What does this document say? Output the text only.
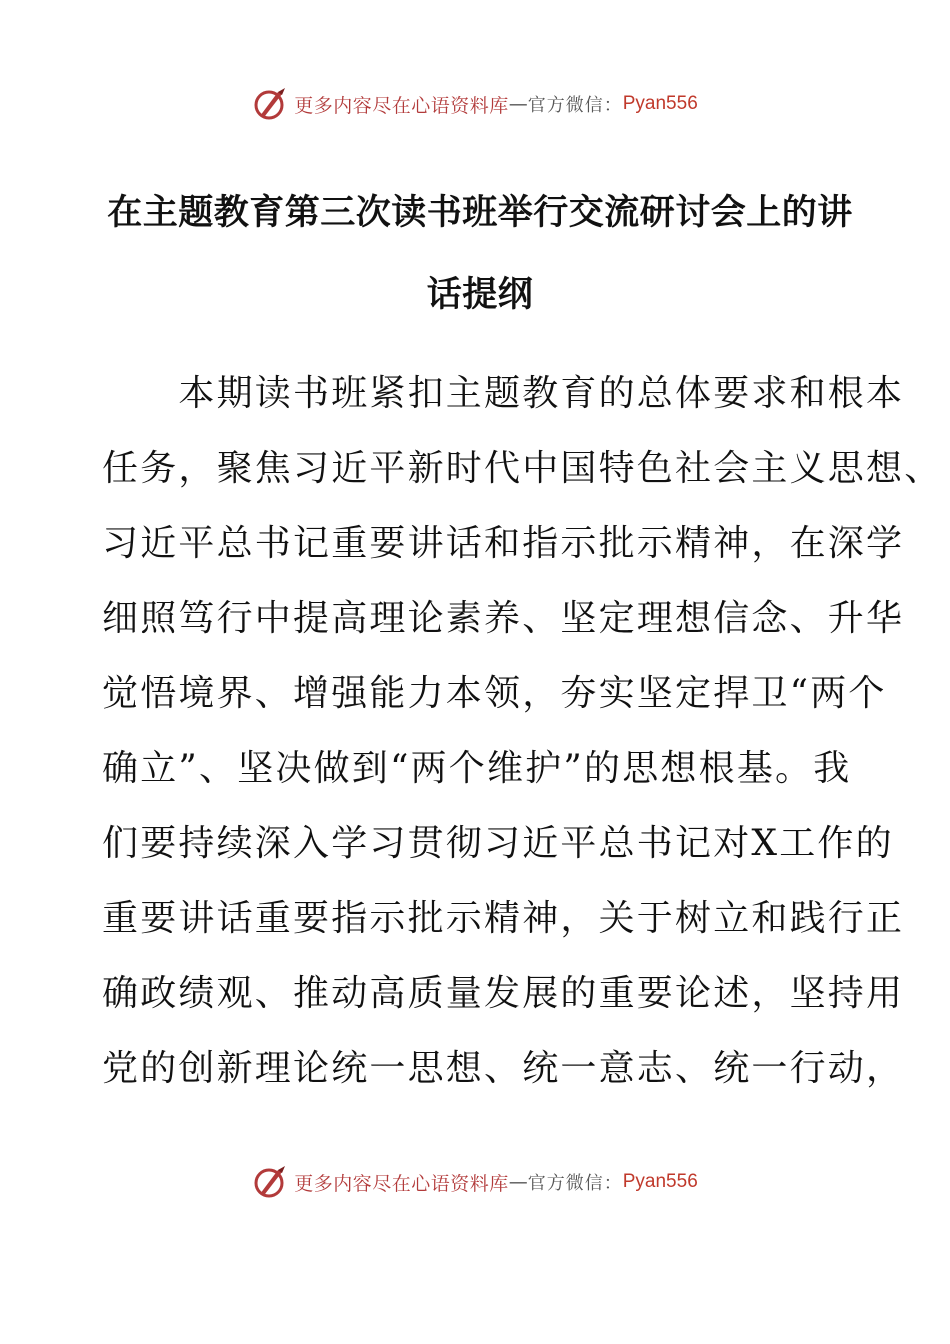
更多内容尽在心语资料库 — 官方微信： Pyan556
在主题教育第三次读书班举行交流研讨会上的讲
话提纲
　　本期读书班紧扣主题教育的总体要求和根本
任务，聚焦习近平新时代中国特色社会主义思想、
习近平总书记重要讲话和指示批示精神，在深学
细照笃行中提高理论素养、坚定理想信念、升华
觉悟境界、增强能力本领，夯实坚定捍卫“两个
确立”、坚决做到“两个维护”的思想根基。我
们要持续深入学习贯彻习近平总书记对X工作的
重要讲话重要指示批示精神，关于树立和践行正
确政绩观、推动高质量发展的重要论述，坚持用
党的创新理论统一思想、统一意志、统一行动，
更多内容尽在心语资料库 — 官方微信： Pyan556
